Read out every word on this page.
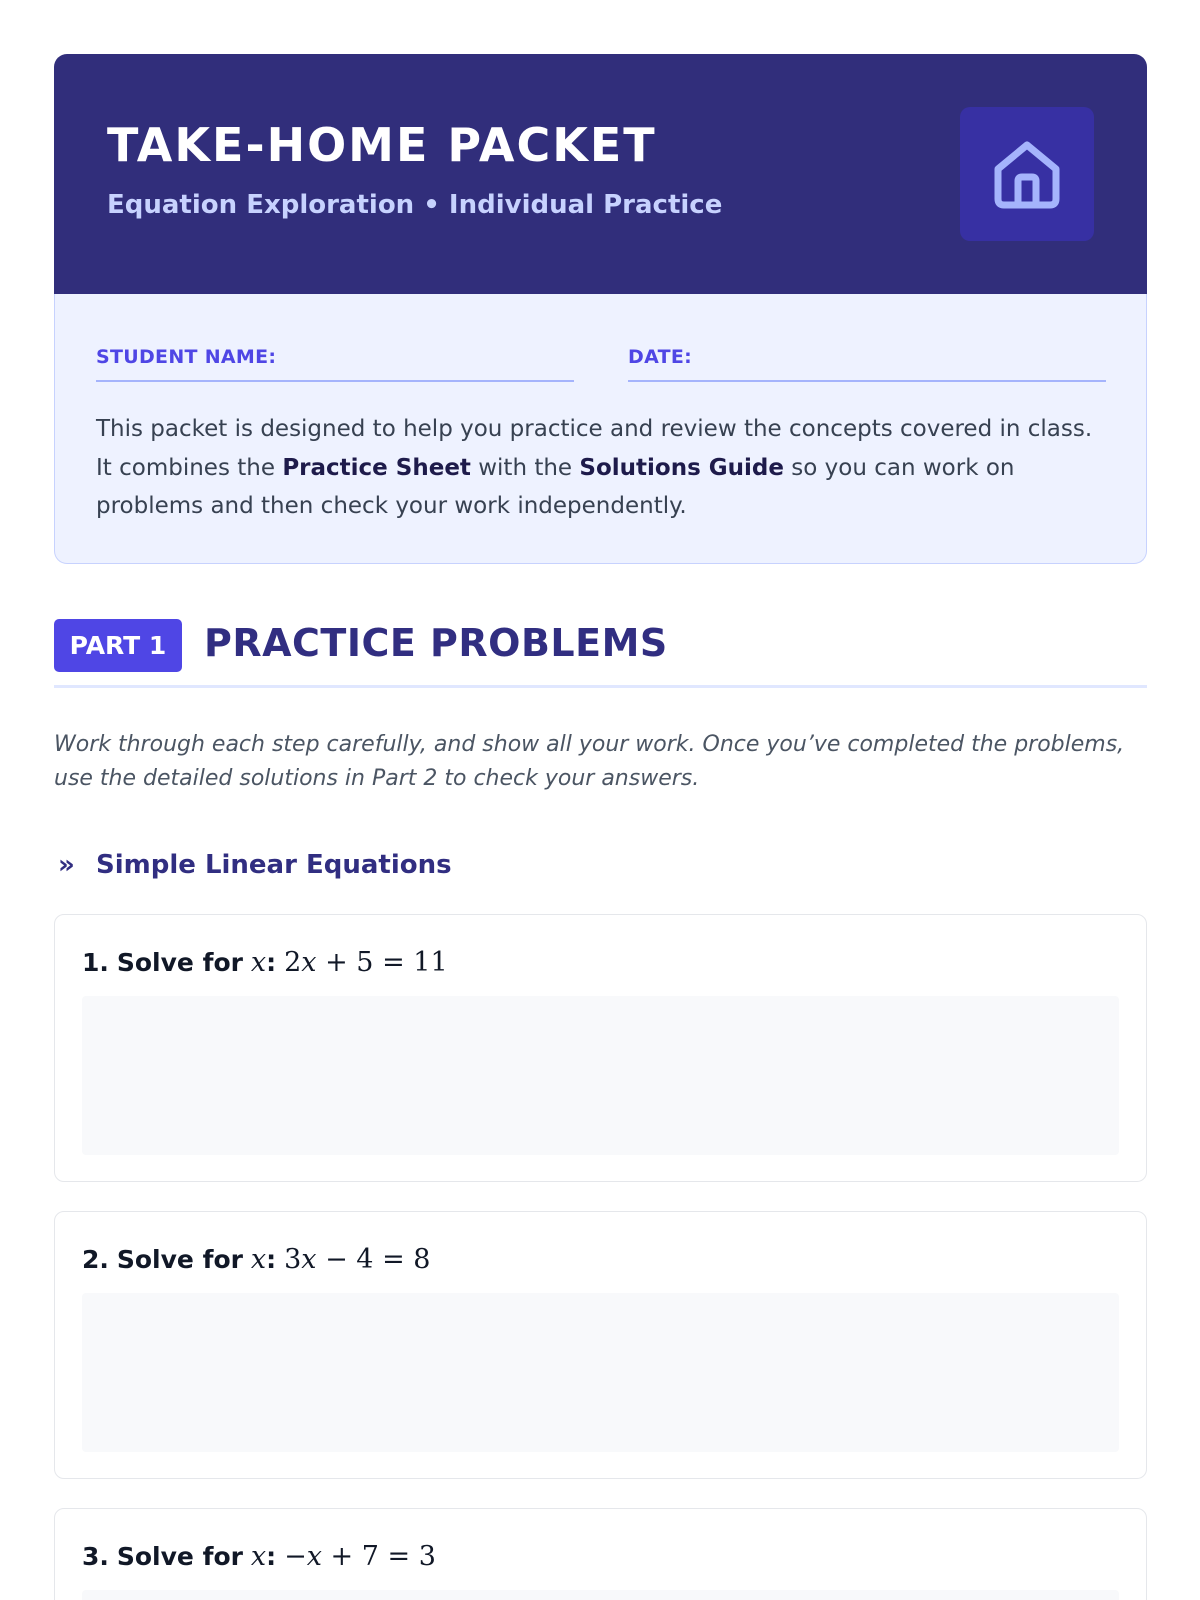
TAKE-HOME PACKET
Equation Exploration • Individual Practice
STUDENT NAME:	DATE:

This packet is designed to help you practice and review the concepts covered in class. It combines the Practice Sheet with the Solutions Guide so you can work on problems and then check your work independently.

PART 1 PRACTICE PROBLEMS

Work through each step carefully, and show all your work. Once you’ve completed the problems, use the detailed solutions in Part 2 to check your answers.

» Simple Linear Equations
1. Solve for x: 2x + 5 = 11
2. Solve for x: 3x − 4 = 8
3. Solve for x: −x + 7 = 3
